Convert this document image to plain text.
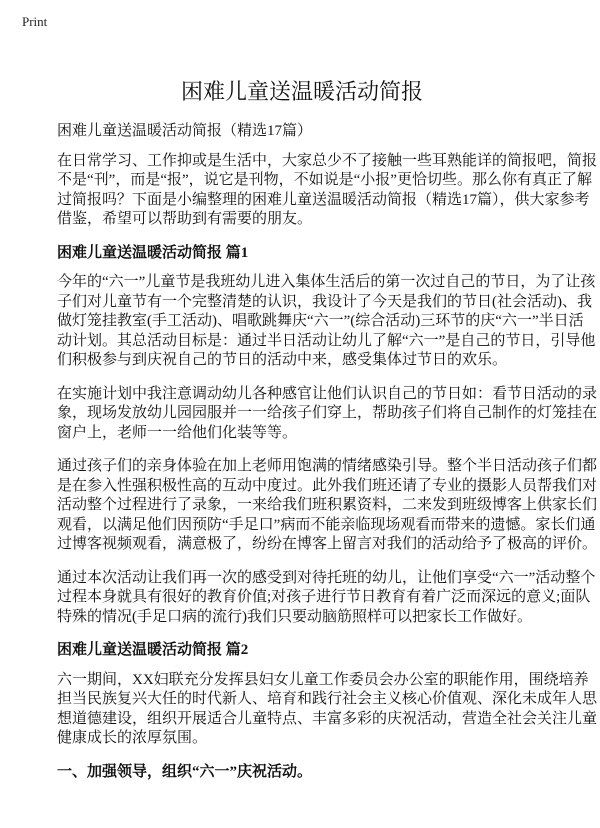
Print
困难儿童送温暖活动简报
困难儿童送温暖活动简报（精选17篇）

在日常学习、工作抑或是生活中，大家总少不了接触一些耳熟能详的简报吧，简报
不是“刊”，而是“报”，说它是刊物，不如说是“小报”更恰切些。那么你有真正了解
过简报吗？下面是小编整理的困难儿童送温暖活动简报（精选17篇），供大家参考
借鉴，希望可以帮助到有需要的朋友。

困难儿童送温暖活动简报 篇1

今年的“六一”儿童节是我班幼儿进入集体生活后的第一次过自己的节日，为了让孩
子们对儿童节有一个完整清楚的认识，我设计了今天是我们的节日(社会活动)、我
做灯笼挂教室(手工活动)、唱歌跳舞庆“六一”(综合活动)三环节的庆“六一”半日活
动计划。其总活动目标是：通过半日活动让幼儿了解“六一”是自己的节日，引导他
们积极参与到庆祝自己的节日的活动中来，感受集体过节日的欢乐。

在实施计划中我注意调动幼儿各种感官让他们认识自己的节日如：看节日活动的录
象，现场发放幼儿园园服并一一给孩子们穿上，帮助孩子们将自己制作的灯笼挂在
窗户上，老师一一给他们化装等等。

通过孩子们的亲身体验在加上老师用饱满的情绪感染引导。整个半日活动孩子们都
是在参入性强积极性高的互动中度过。此外我们班还请了专业的摄影人员帮我们对
活动整个过程进行了录象，一来给我们班积累资料，二来发到班级博客上供家长们
观看，以满足他们因预防“手足口”病而不能亲临现场观看而带来的遗憾。家长们通
过博客视频观看，满意极了，纷纷在博客上留言对我们的活动给予了极高的评价。

通过本次活动让我们再一次的感受到对待托班的幼儿，让他们享受“六一”活动整个
过程本身就具有很好的教育价值;对孩子进行节日教育有着广泛而深远的意义;面队
特殊的情况(手足口病的流行)我们只要动脑筋照样可以把家长工作做好。

困难儿童送温暖活动简报 篇2

六一期间，XX妇联充分发挥县妇女儿童工作委员会办公室的职能作用，围绕培养
担当民族复兴大任的时代新人、培育和践行社会主义核心价值观、深化未成年人思
想道德建设，组织开展适合儿童特点、丰富多彩的庆祝活动，营造全社会关注儿童
健康成长的浓厚氛围。

一、加强领导，组织“六一”庆祝活动。
